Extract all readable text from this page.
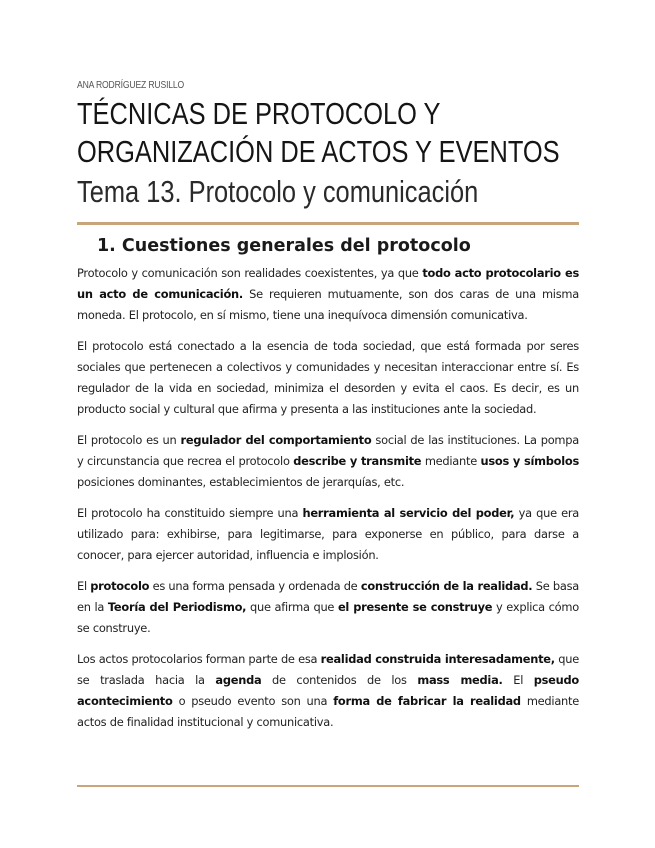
ANA RODRÍGUEZ RUSILLO
TÉCNICAS DE PROTOCOLO Y ORGANIZACIÓN DE ACTOS Y EVENTOS
Tema 13. Protocolo y comunicación
1. Cuestiones generales del protocolo

Protocolo y comunicación son realidades coexistentes, ya que todo acto protocolario es un acto de comunicación. Se requieren mutuamente, son dos caras de una misma moneda. El protocolo, en sí mismo, tiene una inequívoca dimensión comunicativa.

El protocolo está conectado a la esencia de toda sociedad, que está formada por seres sociales que pertenecen a colectivos y comunidades y necesitan interaccionar entre sí. Es regulador de la vida en sociedad, minimiza el desorden y evita el caos. Es decir, es un producto social y cultural que afirma y presenta a las instituciones ante la sociedad.

El protocolo es un regulador del comportamiento social de las instituciones. La pompa y circunstancia que recrea el protocolo describe y transmite mediante usos y símbolos posiciones dominantes, establecimientos de jerarquías, etc.

El protocolo ha constituido siempre una herramienta al servicio del poder, ya que era utilizado para: exhibirse, para legitimarse, para exponerse en público, para darse a conocer, para ejercer autoridad, influencia e implosión.

El protocolo es una forma pensada y ordenada de construcción de la realidad. Se basa en la Teoría del Periodismo, que afirma que el presente se construye y explica cómo se construye.

Los actos protocolarios forman parte de esa realidad construida interesadamente, que se traslada hacia la agenda de contenidos de los mass media. El pseudo acontecimiento o pseudo evento son una forma de fabricar la realidad mediante actos de finalidad institucional y comunicativa.
